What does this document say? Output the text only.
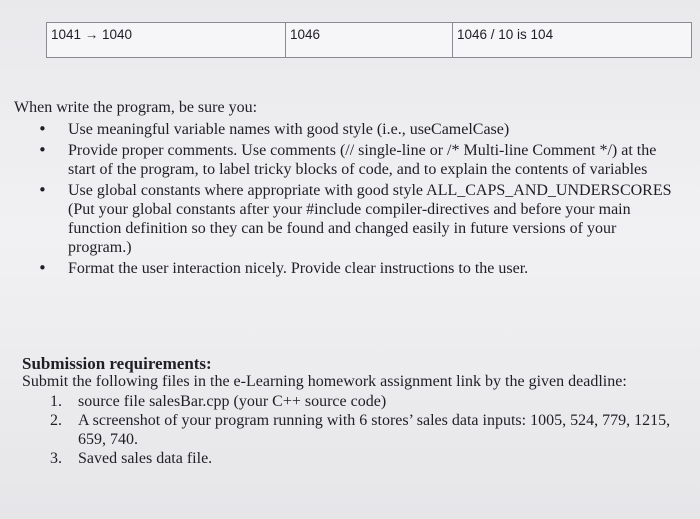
1041 → 1040	1046	1046 / 10 is 104
When write the program, be sure you:
• Use meaningful variable names with good style (i.e., useCamelCase)
• Provide proper comments. Use comments (// single-line or /* Multi-line Comment */) at the start of the program, to label tricky blocks of code, and to explain the contents of variables
• Use global constants where appropriate with good style ALL_CAPS_AND_UNDERSCORES (Put your global constants after your #include compiler-directives and before your main function definition so they can be found and changed easily in future versions of your program.)
• Format the user interaction nicely. Provide clear instructions to the user.
Submission requirements:
Submit the following files in the e-Learning homework assignment link by the given deadline:
1. source file salesBar.cpp (your C++ source code)
2. A screenshot of your program running with 6 stores’ sales data inputs: 1005, 524, 779, 1215, 659, 740.
3. Saved sales data file.
